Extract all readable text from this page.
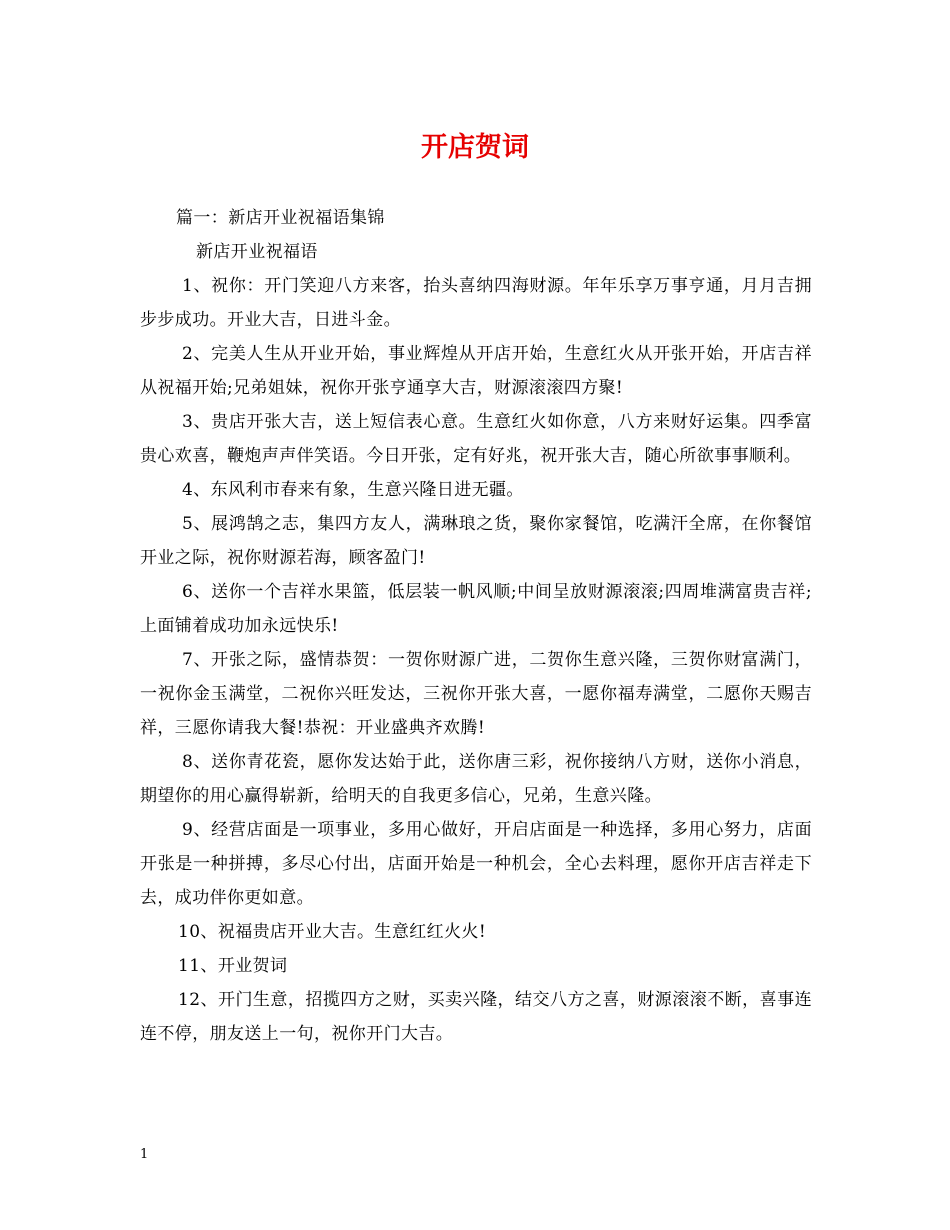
开店贺词

篇一：新店开业祝福语集锦

新店开业祝福语

1、祝你：开门笑迎八方来客，抬头喜纳四海财源。年年乐享万事亨通，月月吉拥步步成功。开业大吉，日进斗金。

2、完美人生从开业开始，事业辉煌从开店开始，生意红火从开张开始，开店吉祥从祝福开始;兄弟姐妹，祝你开张亨通享大吉，财源滚滚四方聚!

3、贵店开张大吉，送上短信表心意。生意红火如你意，八方来财好运集。四季富贵心欢喜，鞭炮声声伴笑语。今日开张，定有好兆，祝开张大吉，随心所欲事事顺利。

4、东风利市春来有象，生意兴隆日进无疆。

5、展鸿鹄之志，集四方友人，满琳琅之货，聚你家餐馆，吃满汗全席，在你餐馆开业之际，祝你财源若海，顾客盈门!

6、送你一个吉祥水果篮，低层装一帆风顺;中间呈放财源滚滚;四周堆满富贵吉祥;上面铺着成功加永远快乐!

7、开张之际，盛情恭贺：一贺你财源广进，二贺你生意兴隆，三贺你财富满门，一祝你金玉满堂，二祝你兴旺发达，三祝你开张大喜，一愿你福寿满堂，二愿你天赐吉祥，三愿你请我大餐!恭祝：开业盛典齐欢腾!

8、送你青花瓷，愿你发达始于此，送你唐三彩，祝你接纳八方财，送你小消息，期望你的用心赢得崭新，给明天的自我更多信心，兄弟，生意兴隆。

9、经营店面是一项事业，多用心做好，开启店面是一种选择，多用心努力，店面开张是一种拼搏，多尽心付出，店面开始是一种机会，全心去料理，愿你开店吉祥走下去，成功伴你更如意。

10、祝福贵店开业大吉。生意红红火火!

11、开业贺词

12、开门生意，招揽四方之财，买卖兴隆，结交八方之喜，财源滚滚不断，喜事连连不停，朋友送上一句，祝你开门大吉。

1
